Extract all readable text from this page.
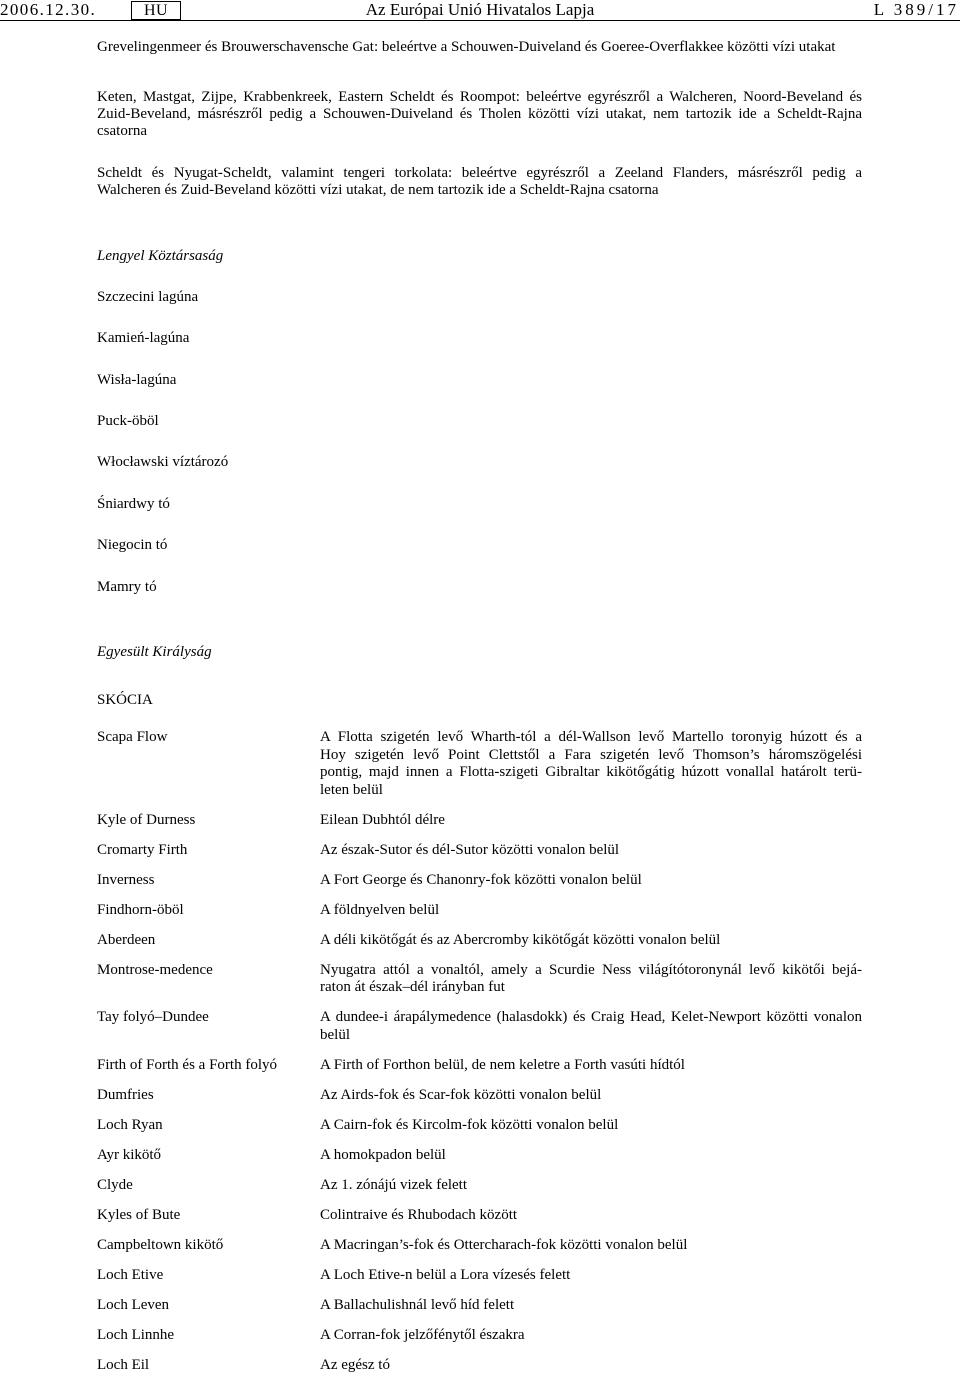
2006.12.30.	HU	Az Európai Unió Hivatalos Lapja	L 389/17
Grevelingenmeer és Brouwerschavensche Gat: beleértve a Schouwen-Duiveland és Goeree-Overflakkee közötti vízi utakat
Keten, Mastgat, Zijpe, Krabbenkreek, Eastern Scheldt és Roompot: beleértve egyrészről a Walcheren, Noord-Beveland és
Zuid-Beveland, másrészről pedig a Schouwen-Duiveland és Tholen közötti vízi utakat, nem tartozik ide a Scheldt-Rajna
csatorna
Scheldt és Nyugat-Scheldt, valamint tengeri torkolata: beleértve egyrészről a Zeeland Flanders, másrészről pedig a
Walcheren és Zuid-Beveland közötti vízi utakat, de nem tartozik ide a Scheldt-Rajna csatorna
Lengyel Köztársaság
Szczecini lagúna
Kamień-lagúna
Wisła-lagúna
Puck-öböl
Włocławski víztározó
Śniardwy tó
Niegocin tó
Mamry tó
Egyesült Királyság
SKÓCIA
Scapa Flow	A Flotta szigetén levő Wharth-tól a dél-Wallson levő Martello toronyig húzott és a
Hoy szigetén levő Point Clettstől a Fara szigetén levő Thomson’s háromszögelési
pontig, majd innen a Flotta-szigeti Gibraltar kikötőgátig húzott vonallal határolt terü-
leten belül
Kyle of Durness	Eilean Dubhtól délre
Cromarty Firth	Az észak-Sutor és dél-Sutor közötti vonalon belül
Inverness	A Fort George és Chanonry-fok közötti vonalon belül
Findhorn-öböl	A földnyelven belül
Aberdeen	A déli kikötőgát és az Abercromby kikötőgát közötti vonalon belül
Montrose-medence	Nyugatra attól a vonaltól, amely a Scurdie Ness világítótoronynál levő kikötői bejá-
raton át észak–dél irányban fut
Tay folyó–Dundee	A dundee-i árapálymedence (halasdokk) és Craig Head, Kelet-Newport közötti vonalon
belül
Firth of Forth és a Forth folyó	A Firth of Forthon belül, de nem keletre a Forth vasúti hídtól
Dumfries	Az Airds-fok és Scar-fok közötti vonalon belül
Loch Ryan	A Cairn-fok és Kircolm-fok közötti vonalon belül
Ayr kikötő	A homokpadon belül
Clyde	Az 1. zónájú vizek felett
Kyles of Bute	Colintraive és Rhubodach között
Campbeltown kikötő	A Macringan’s-fok és Ottercharach-fok közötti vonalon belül
Loch Etive	A Loch Etive-n belül a Lora vízesés felett
Loch Leven	A Ballachulishnál levő híd felett
Loch Linnhe	A Corran-fok jelzőfénytől északra
Loch Eil	Az egész tó
